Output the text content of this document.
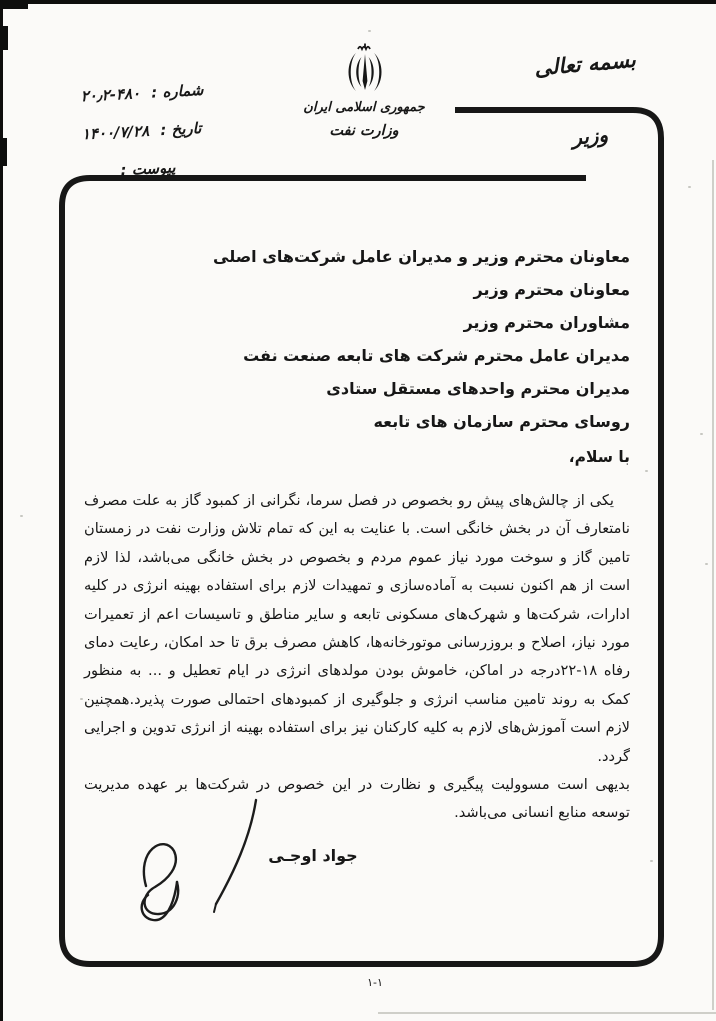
بسمه تعالی
وزیر
جمهوری اسلامی ایران
وزارت نفت
شماره : ۴۸۰-۲۰٫۲
تاریخ : ۱۴۰۰/۷/۲۸
پیوست :
معاونان محترم وزیر و مدیران عامل شرکت‌های اصلی
معاونان محترم وزیر
مشاوران محترم وزیر
مدیران عامل محترم شرکت های تابعه صنعت نفت
مدیران محترم واحدهای مستقل ستادی
روسای محترم سازمان های تابعه
با سلام،

یکی از چالش‌های پیش رو بخصوص در فصل سرما، نگرانی از کمبود گاز به علت مصرف نامتعارف آن در بخش خانگی است. با عنایت به این که تمام تلاش وزارت نفت در زمستان تامین گاز و سوخت مورد نیاز عموم مردم و بخصوص در بخش خانگی می‌باشد، لذا لازم است از هم اکنون نسبت به آماده‌سازی و تمهیدات لازم برای استفاده بهینه انرژی در کلیه ادارات، شرکت‌ها و شهرک‌های مسکونی تابعه و سایر مناطق و تاسیسات اعم از تعمیرات مورد نیاز، اصلاح و بروزرسانی موتورخانه‌ها، کاهش مصرف برق تا حد امکان، رعایت دمای رفاه ۱۸-۲۲درجه در اماکن، خاموش بودن مولدهای انرژی در ایام تعطیل و ... به منظور کمک به روند تامین مناسب انرژی و جلوگیری از کمبودهای احتمالی صورت پذیرد.همچنین لازم است آموزش‌های لازم به کلیه کارکنان نیز برای استفاده بهینه از انرژی تدوین و اجرایی گردد.

بدیهی است مسوولیت پیگیری و نظارت در این خصوص در شرکت‌ها بر عهده مدیریت توسعه منابع انسانی می‌باشد.

جواد اوجـی
۱-۱
